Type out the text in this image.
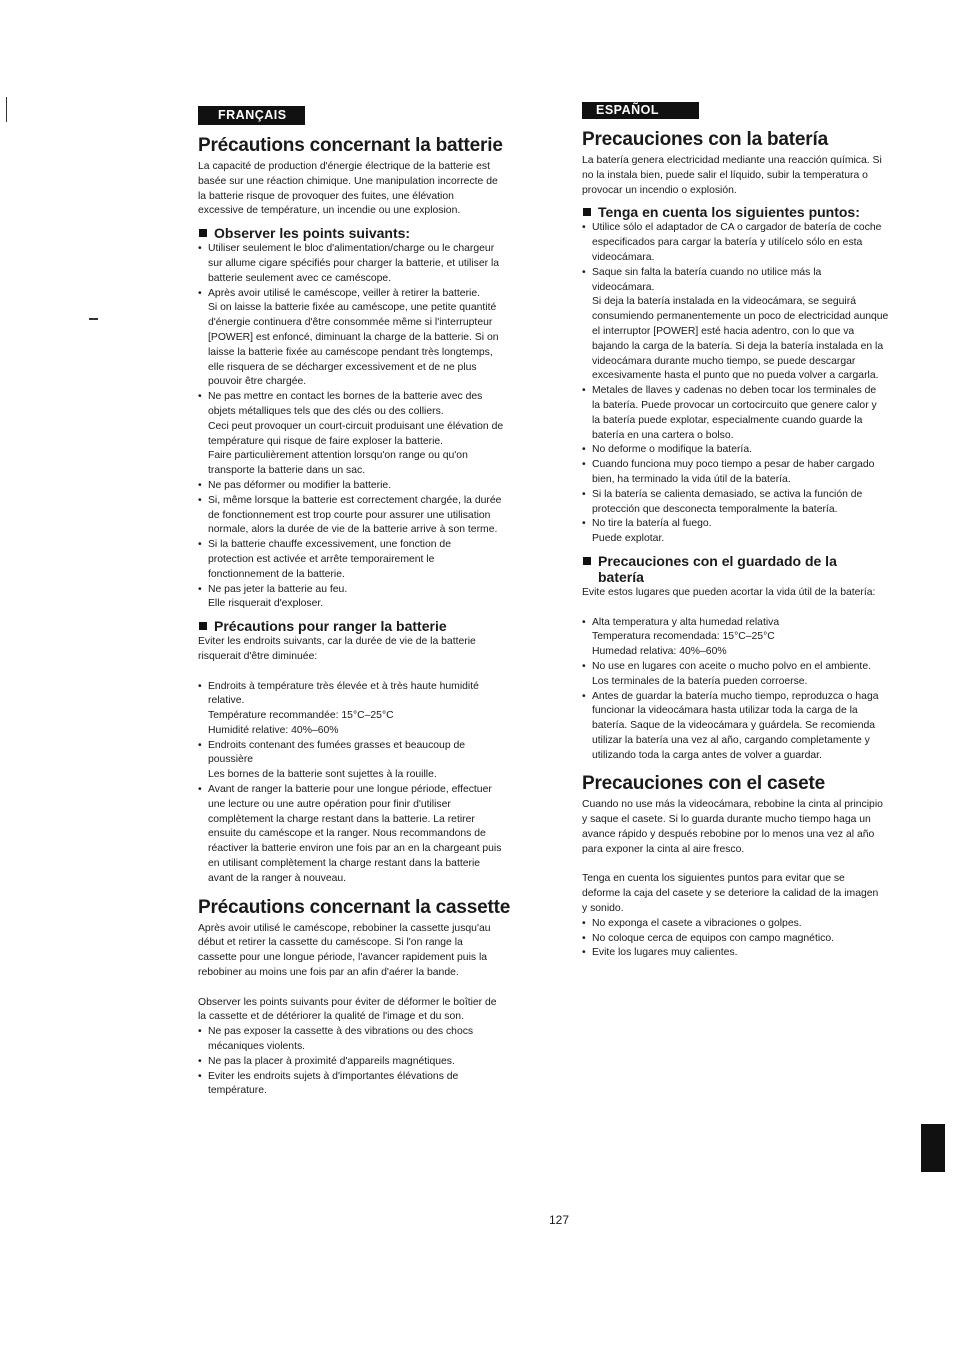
FRANÇAIS
Précautions concernant la batterie

La capacité de production d'énergie électrique de la batterie est

basée sur une réaction chimique. Une manipulation incorrecte de

la batterie risque de provoquer des fuites, une élévation

excessive de température, un incendie ou une explosion.

Observer les points suivants:
• Utiliser seulement le bloc d'alimentation/charge ou le chargeur
sur allume cigare spécifiés pour charger la batterie, et utiliser la
batterie seulement avec ce caméscope.
• Après avoir utilisé le caméscope, veiller à retirer la batterie.
Si on laisse la batterie fixée au caméscope, une petite quantité
d'énergie continuera d'être consommée même si l'interrupteur
[POWER] est enfoncé, diminuant la charge de la batterie. Si on
laisse la batterie fixée au caméscope pendant très longtemps,
elle risquera de se décharger excessivement et de ne plus
pouvoir être chargée.
• Ne pas mettre en contact les bornes de la batterie avec des
objets métalliques tels que des clés ou des colliers.
Ceci peut provoquer un court-circuit produisant une élévation de
température qui risque de faire exploser la batterie.
Faire particulièrement attention lorsqu'on range ou qu'on
transporte la batterie dans un sac.
• Ne pas déformer ou modifier la batterie.
• Si, même lorsque la batterie est correctement chargée, la durée
de fonctionnement est trop courte pour assurer une utilisation
normale, alors la durée de vie de la batterie arrive à son terme.
• Si la batterie chauffe excessivement, une fonction de
protection est activée et arrête temporairement le
fonctionnement de la batterie.
• Ne pas jeter la batterie au feu.
Elle risquerait d'exploser.
Précautions pour ranger la batterie

Eviter les endroits suivants, car la durée de vie de la batterie

risquerait d'être diminuée:

• Endroits à température très élevée et à très haute humidité
relative.
Température recommandée: 15°C–25°C
Humidité relative: 40%–60%
• Endroits contenant des fumées grasses et beaucoup de
poussière
Les bornes de la batterie sont sujettes à la rouille.
• Avant de ranger la batterie pour une longue période, effectuer
une lecture ou une autre opération pour finir d'utiliser
complètement la charge restant dans la batterie. La retirer
ensuite du caméscope et la ranger. Nous recommandons de
réactiver la batterie environ une fois par an en la chargeant puis
en utilisant complètement la charge restant dans la batterie
avant de la ranger à nouveau.
Précautions concernant la cassette

Après avoir utilisé le caméscope, rebobiner la cassette jusqu'au

début et retirer la cassette du caméscope. Si l'on range la

cassette pour une longue période, l'avancer rapidement puis la

rebobiner au moins une fois par an afin d'aérer la bande.

Observer les points suivants pour éviter de déformer le boîtier de

la cassette et de détériorer la qualité de l'image et du son.

• Ne pas exposer la cassette à des vibrations ou des chocs
mécaniques violents.
• Ne pas la placer à proximité d'appareils magnétiques.
• Eviter les endroits sujets à d'importantes élévations de
température.
ESPAÑOL
Precauciones con la batería

La batería genera electricidad mediante una reacción química. Si

no la instala bien, puede salir el líquido, subir la temperatura o

provocar un incendio o explosión.

Tenga en cuenta los siguientes puntos:
• Utilice sólo el adaptador de CA o cargador de batería de coche
especificados para cargar la batería y utilícelo sólo en esta
videocámara.
• Saque sin falta la batería cuando no utilice más la
videocámara.
Si deja la batería instalada en la videocámara, se seguirá
consumiendo permanentemente un poco de electricidad aunque
el interruptor [POWER] esté hacia adentro, con lo que va
bajando la carga de la batería. Si deja la batería instalada en la
videocámara durante mucho tiempo, se puede descargar
excesivamente hasta el punto que no pueda volver a cargarla.
• Metales de llaves y cadenas no deben tocar los terminales de
la batería. Puede provocar un cortocircuito que genere calor y
la batería puede explotar, especialmente cuando guarde la
batería en una cartera o bolso.
• No deforme o modifique la batería.
• Cuando funciona muy poco tiempo a pesar de haber cargado
bien, ha terminado la vida útil de la batería.
• Si la batería se calienta demasiado, se activa la función de
protección que desconecta temporalmente la batería.
• No tire la batería al fuego.
Puede explotar.
Precauciones con el guardado de la
batería

Evite estos lugares que pueden acortar la vida útil de la batería:

• Alta temperatura y alta humedad relativa
Temperatura recomendada: 15°C–25°C
Humedad relativa: 40%–60%
• No use en lugares con aceite o mucho polvo en el ambiente.
Los terminales de la batería pueden corroerse.
• Antes de guardar la batería mucho tiempo, reproduzca o haga
funcionar la videocámara hasta utilizar toda la carga de la
batería. Saque de la videocámara y guárdela. Se recomienda
utilizar la batería una vez al año, cargando completamente y
utilizando toda la carga antes de volver a guardar.
Precauciones con el casete

Cuando no use más la videocámara, rebobine la cinta al principio

y saque el casete. Si lo guarda durante mucho tiempo haga un

avance rápido y después rebobine por lo menos una vez al año

para exponer la cinta al aire fresco.

Tenga en cuenta los siguientes puntos para evitar que se

deforme la caja del casete y se deteriore la calidad de la imagen

y sonido.

• No exponga el casete a vibraciones o golpes.
• No coloque cerca de equipos con campo magnético.
• Evite los lugares muy calientes.
127
